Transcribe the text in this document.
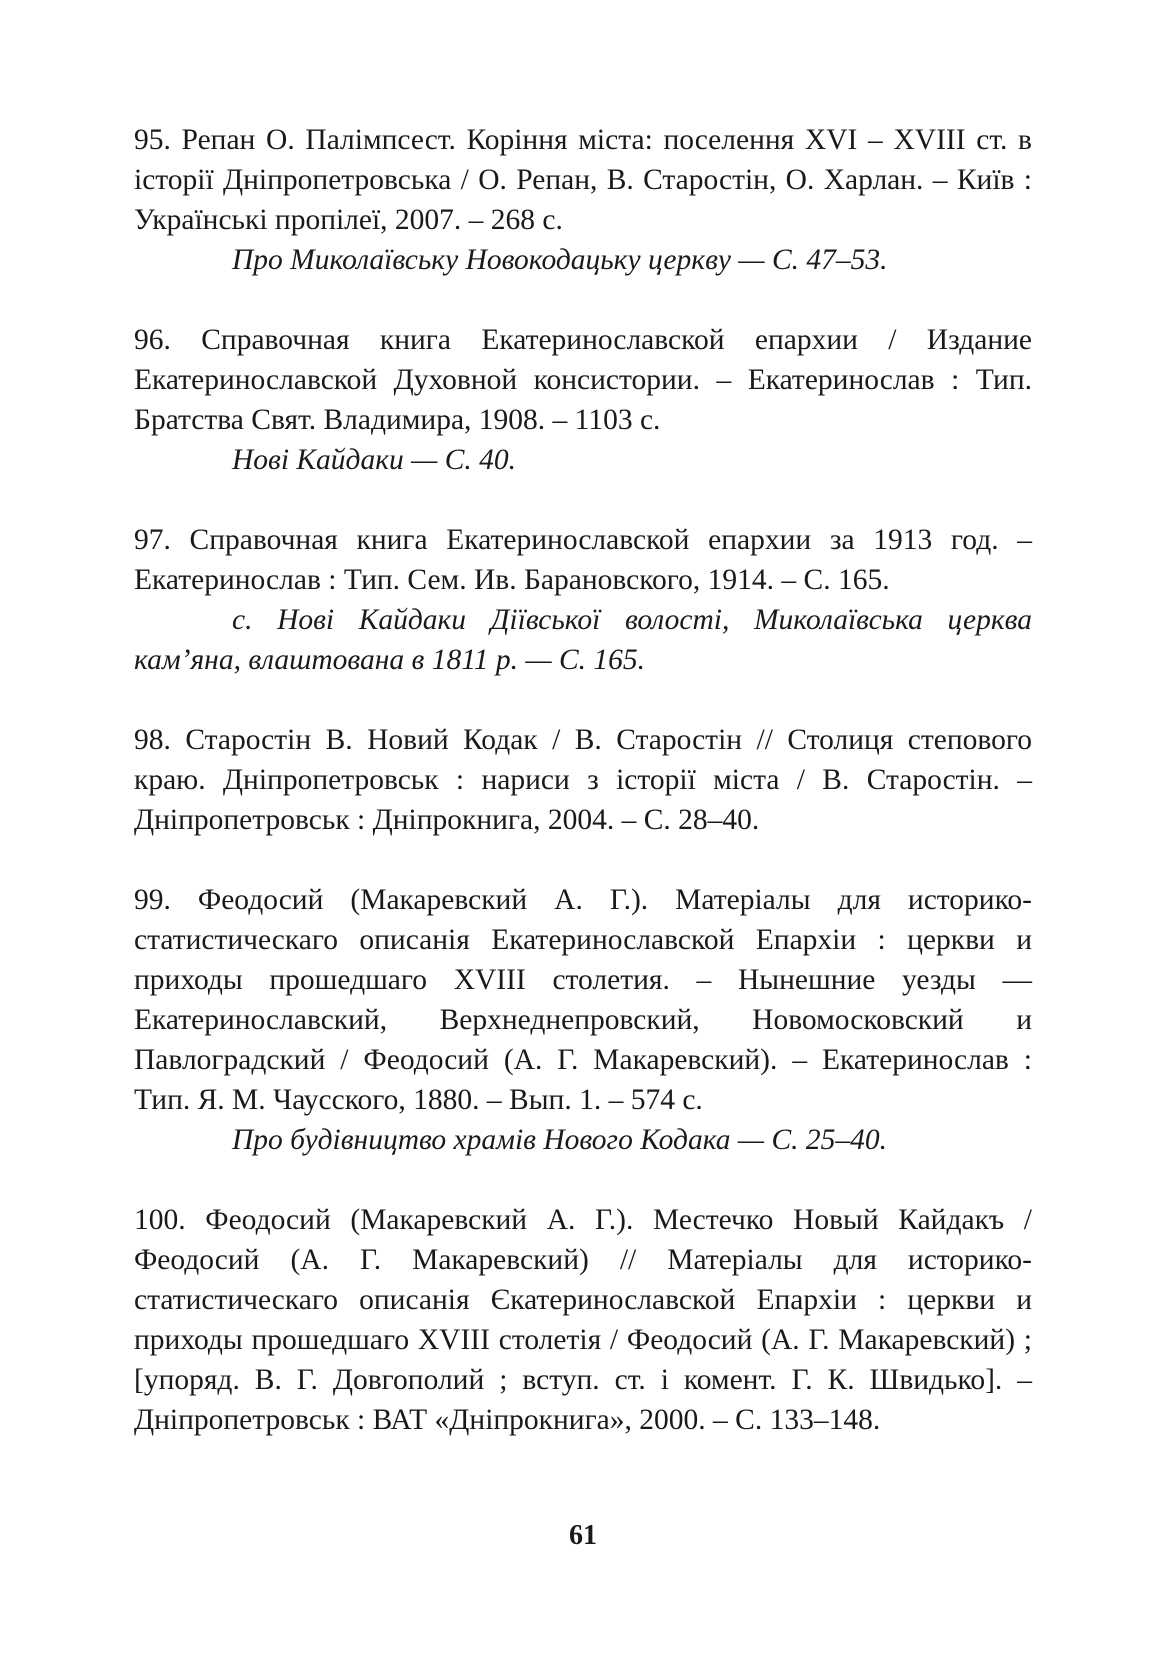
95. Репан О. Палімпсест. Коріння міста: поселення XVI – XVIII ст. в історії Дніпропетровська / О. Репан, В. Старостін, О. Харлан. – Київ : Українські пропілеї, 2007. – 268 с.

Про Миколаївську Новокодацьку церкву — С. 47–53.

96. Справочная книга Екатеринославской епархии / Издание Екатеринославской Духовной консистории. – Екатеринослав : Тип. Братства Свят. Владимира, 1908. – 1103 с.

Нові Кайдаки — С. 40.

97. Справочная книга Екатеринославской епархии за 1913 год. – Екатеринослав : Тип. Сем. Ив. Барановского, 1914. – С. 165.

с. Нові Кайдаки Діївської волості, Миколаївська церква кам’яна, влаштована в 1811 р. — С. 165.

98. Старостін В. Новий Кодак / В. Старостін // Столиця степового краю. Дніпропетровськ : нариси з історії міста / В. Старостін. – Дніпропетровськ : Дніпрокнига, 2004. – С. 28–40.

99. Феодосий (Макаревский А. Г.). Матеріалы для историко-статистическаго описанія Екатеринославской Епархіи : церкви и приходы прошедшаго XVIII столетия. – Нынешние уезды — Екатеринославский, Верхнеднепровский, Новомосковский и Павлоградский / Феодосий (А. Г. Макаревский). – Екатеринослав : Тип. Я. М. Чаусского, 1880. – Вып. 1. – 574 с.

Про будівництво храмів Нового Кодака — С. 25–40.

100. Феодосий (Макаревский А. Г.). Местечко Новый Кайдакъ / Феодосий (А. Г. Макаревский) // Матеріалы для историко-статистическаго описанія Єкатеринославской Епархіи : церкви и приходы прошедшаго XVIII столетія / Феодосий (А. Г. Макаревский) ; [упоряд. В. Г. Довгополий ; вступ. ст. і комент. Г. К. Швидько]. – Дніпропетровськ : ВАТ «Дніпрокнига», 2000. – С. 133–148.

61
